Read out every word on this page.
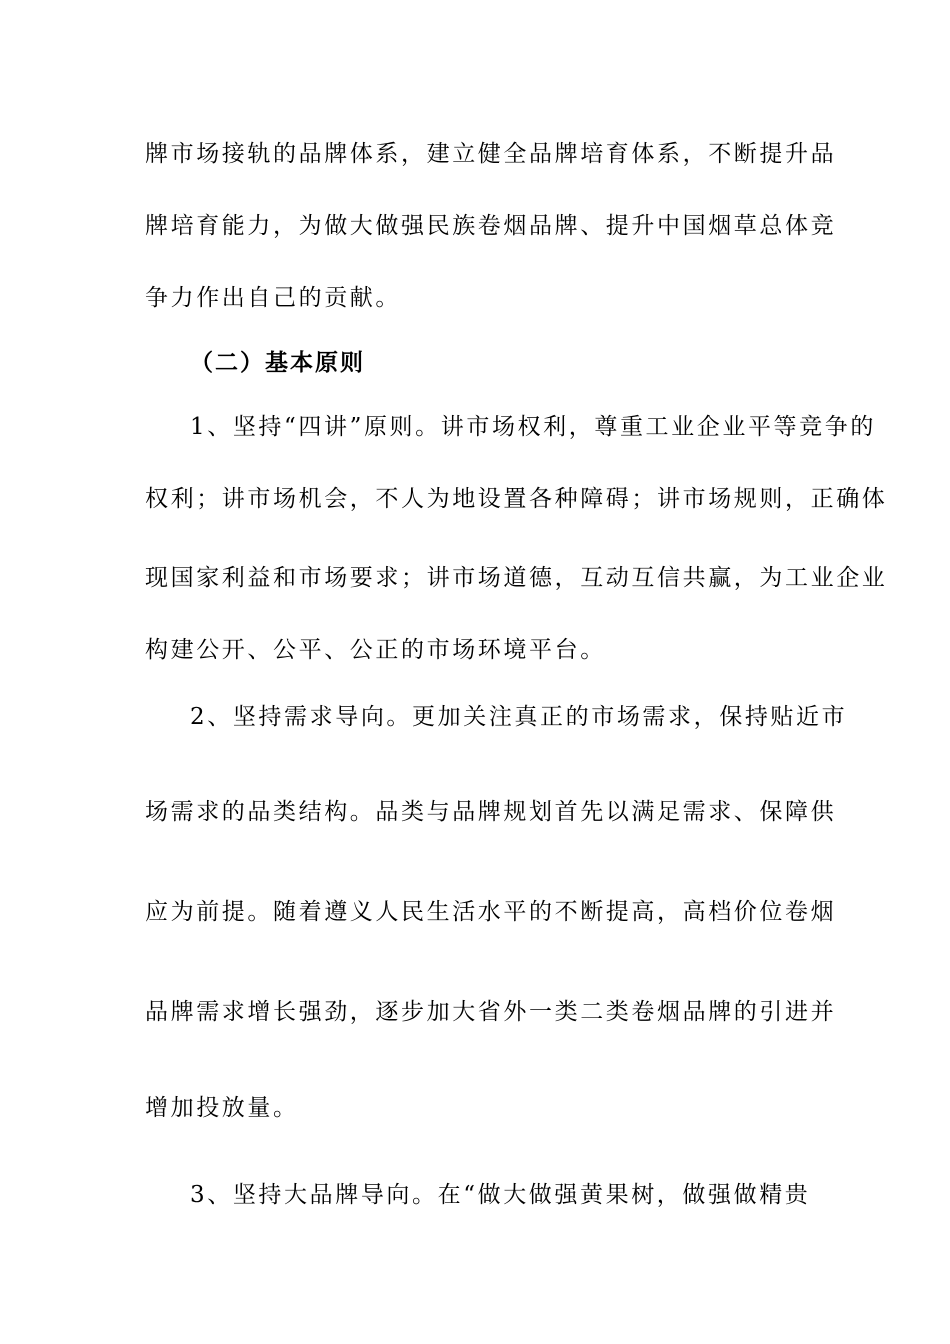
牌市场接轨的品牌体系，建立健全品牌培育体系，不断提升品
牌培育能力，为做大做强民族卷烟品牌、提升中国烟草总体竞
争力作出自己的贡献。
（二）基本原则
1、坚持“四讲”原则。讲市场权利，尊重工业企业平等竞争的
权利；讲市场机会，不人为地设置各种障碍；讲市场规则，正确体
现国家利益和市场要求；讲市场道德，互动互信共赢，为工业企业
构建公开、公平、公正的市场环境平台。
2、坚持需求导向。更加关注真正的市场需求，保持贴近市
场需求的品类结构。品类与品牌规划首先以满足需求、保障供
应为前提。随着遵义人民生活水平的不断提高，高档价位卷烟
品牌需求增长强劲，逐步加大省外一类二类卷烟品牌的引进并
增加投放量。
3、坚持大品牌导向。在“做大做强黄果树，做强做精贵
